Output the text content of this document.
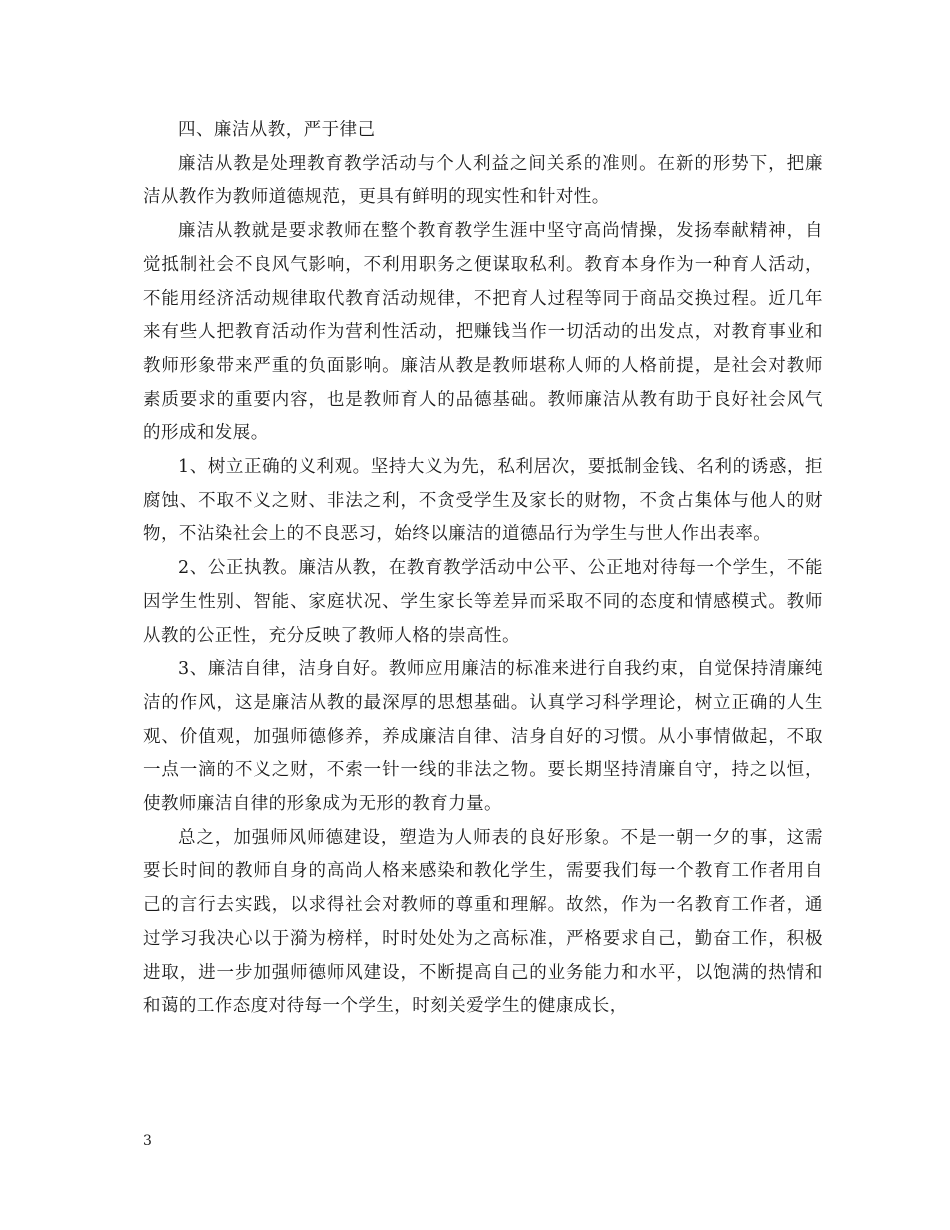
四、廉洁从教，严于律己

廉洁从教是处理教育教学活动与个人利益之间关系的准则。在新的形势下，把廉洁从教作为教师道德规范，更具有鲜明的现实性和针对性。

廉洁从教就是要求教师在整个教育教学生涯中坚守高尚情操，发扬奉献精神，自觉抵制社会不良风气影响，不利用职务之便谋取私利。教育本身作为一种育人活动，不能用经济活动规律取代教育活动规律，不把育人过程等同于商品交换过程。近几年来有些人把教育活动作为营利性活动，把赚钱当作一切活动的出发点，对教育事业和教师形象带来严重的负面影响。廉洁从教是教师堪称人师的人格前提，是社会对教师素质要求的重要内容，也是教师育人的品德基础。教师廉洁从教有助于良好社会风气的形成和发展。

1、树立正确的义利观。坚持大义为先，私利居次，要抵制金钱、名利的诱惑，拒腐蚀、不取不义之财、非法之利，不贪受学生及家长的财物，不贪占集体与他人的财物，不沾染社会上的不良恶习，始终以廉洁的道德品行为学生与世人作出表率。

2、公正执教。廉洁从教，在教育教学活动中公平、公正地对待每一个学生，不能因学生性别、智能、家庭状况、学生家长等差异而采取不同的态度和情感模式。教师从教的公正性，充分反映了教师人格的崇高性。

3、廉洁自律，洁身自好。教师应用廉洁的标准来进行自我约束，自觉保持清廉纯洁的作风，这是廉洁从教的最深厚的思想基础。认真学习科学理论，树立正确的人生观、价值观，加强师德修养，养成廉洁自律、洁身自好的习惯。从小事情做起，不取一点一滴的不义之财，不索一针一线的非法之物。要长期坚持清廉自守，持之以恒，使教师廉洁自律的形象成为无形的教育力量。

总之，加强师风师德建设，塑造为人师表的良好形象。不是一朝一夕的事，这需要长时间的教师自身的高尚人格来感染和教化学生，需要我们每一个教育工作者用自己的言行去实践，以求得社会对教师的尊重和理解。故然，作为一名教育工作者，通过学习我决心以于漪为榜样，时时处处为之高标准，严格要求自己，勤奋工作，积极进取，进一步加强师德师风建设，不断提高自己的业务能力和水平，以饱满的热情和和蔼的工作态度对待每一个学生，时刻关爱学生的健康成长，

3
